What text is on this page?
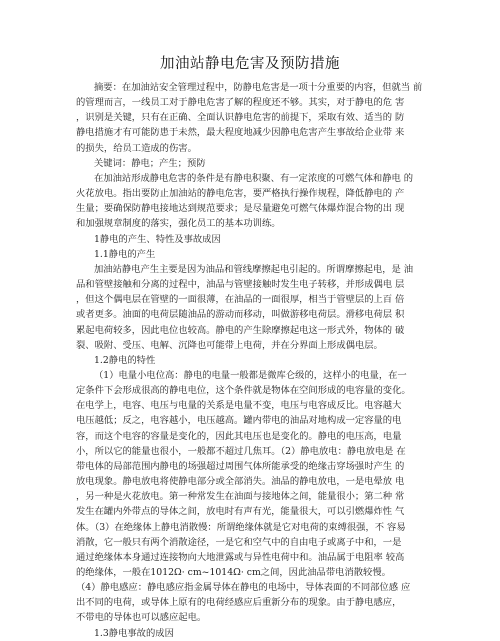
加油站静电危害及预防措施
摘要：在加油站安全管理过程中，防静电危害是一项十分重要的内容，但就当 前
的管理而言，一线员工对于静电危害了解的程度还不够。其实，对于静电的危 害
，识别是关键，只有在正确、全面认识静电危害的前提下，采取有效、适当的 防
静电措施才有可能防患于未然，最大程度地减少因静电危害产生事故给企业带 来
的损失，给员工造成的伤害。
关键词：静电；产生；预防
在加油站形成静电危害的条件是有静电积聚、有一定浓度的可燃气体和静电 的
火花放电。指出要防止加油站的静电危害，要严格执行操作规程，降低静电的 产
生量；要确保防静电接地达到规范要求；是尽量避免可燃气体爆炸混合物的出 现
和加强规章制度的落实，强化员工的基本功训练。
1静电的产生、特性及事故成因
1.1静电的产生
加油站静电产生主要是因为油品和管线摩擦起电引起的。所谓摩擦起电，是 油
品和管壁接触和分离的过程中，油品与管壁接触时发生电子转移，并形成偶电 层
，但这个偶电层在管壁的一面很薄，在油品的一面很厚，相当于管壁层的上百 倍
或者更多。油面的电荷层随油品的游动而移动，叫做游移电荷层。滑移电荷层 积
累起电荷较多，因此电位也较高。静电的产生除摩擦起电这一形式外，物体的 破
裂、吸附、受压、电解、沉降也可能带上电荷，并在分界面上形成偶电层。
1.2静电的特性
（1）电量小电位高：静电的电量一般都是微库仑级的，这样小的电量，在一
定条件下会形成很高的静电电位，这个条件就是物体在空间形成的电容量的变化。
在电学上，电容、电压与电量的关系是电量不变，电压与电容成反比。电容越大
电压越低；反之，电容越小，电压越高。罐内带电的油品对地构成一定容量的电
容，而这个电容的容量是变化的，因此其电压也是变化的。静电的电压高，电量
小，所以它的能量也很小，一般都不超过几焦耳。（2）静电放电：静电放电是 在
带电体的局部范围内静电的场强超过周围气体所能承受的绝缘击穿场强时产生 的
放电现象。静电放电将使静电部分或全部消失。油品的静电放电，一是电晕放 电
，另一种是火花放电。第一种常发生在油面与接地体之间，能量很小；第二种 常
发生在罐内外带点的导体之间，放电时有声有光，能量很大，可以引燃爆炸性 气
体。（3）在绝缘体上静电消散慢：所谓绝缘体就是它对电荷的束缚很强，不 容易
消散，它一般只有两个消散途径，一是它和空气中的自由电子或离子中和，一是
通过绝缘体本身通过连接物向大地泄露或与异性电荷中和。油品属于电阻率 较高
的绝缘体，一般在1012Ω· cm~1014Ω· cm之间，因此油品带电消散较慢。
（4）静电感应：静电感应指金属导体在静电的电场中，导体表面的不同部位感 应
出不同的电荷，或导体上原有的电荷经感应后重新分布的现象。由于静电感应，
不带电的导体也可以感应起电。
1.3静电事故的成因
